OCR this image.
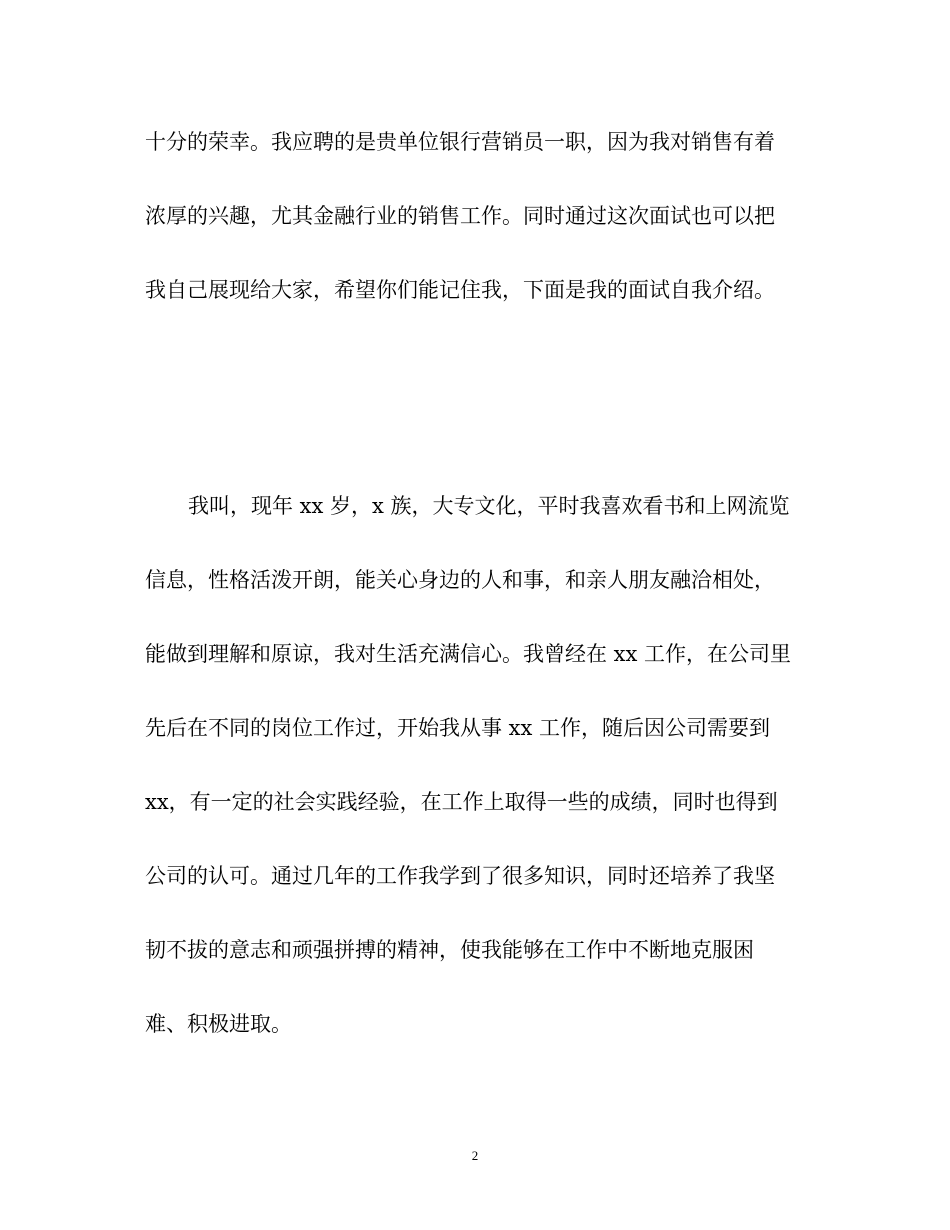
十分的荣幸。我应聘的是贵单位银行营销员一职，因为我对销售有着
浓厚的兴趣，尤其金融行业的销售工作。同时通过这次面试也可以把
我自己展现给大家，希望你们能记住我，下面是我的面试自我介绍。
我叫，现年 xx 岁，x 族，大专文化，平时我喜欢看书和上网流览
信息，性格活泼开朗，能关心身边的人和事，和亲人朋友融洽相处，
能做到理解和原谅，我对生活充满信心。我曾经在 xx 工作，在公司里
先后在不同的岗位工作过，开始我从事 xx 工作，随后因公司需要到
xx，有一定的社会实践经验，在工作上取得一些的成绩，同时也得到
公司的认可。通过几年的工作我学到了很多知识，同时还培养了我坚
韧不拔的意志和顽强拼搏的精神，使我能够在工作中不断地克服困
难、积极进取。
2
